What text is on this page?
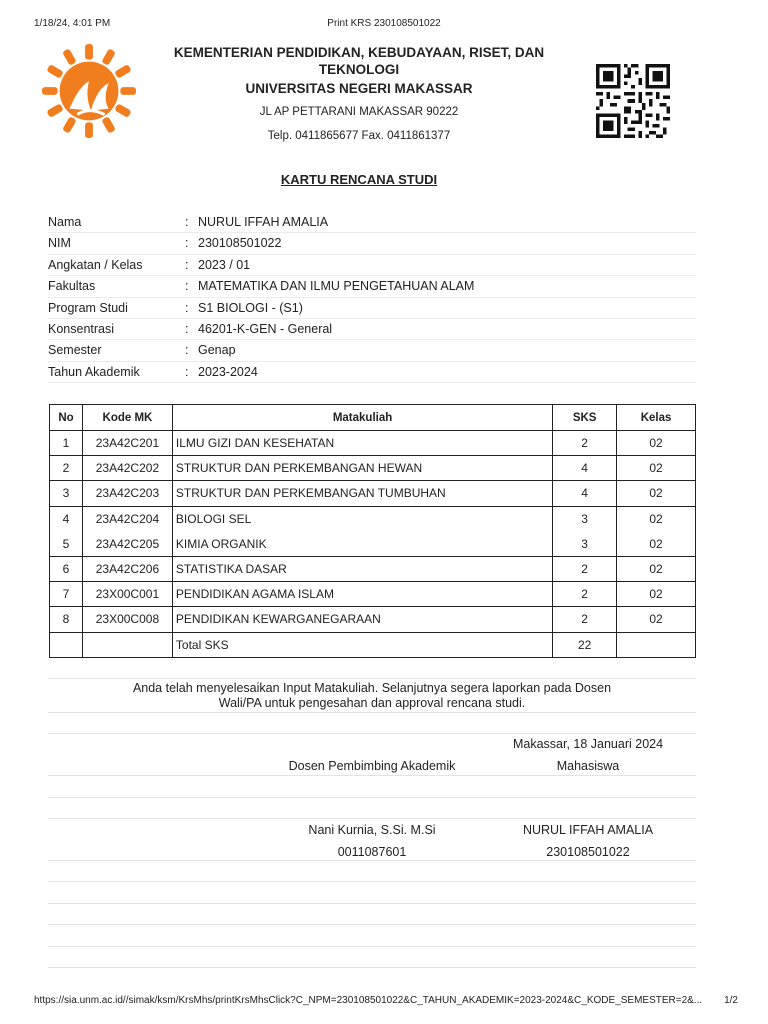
1/18/24, 4:01 PM	Print KRS 230108501022
KEMENTERIAN PENDIDIKAN, KEBUDAYAAN, RISET, DAN TEKNOLOGI
UNIVERSITAS NEGERI MAKASSAR
JL AP PETTARANI MAKASSAR 90222
Telp. 0411865677 Fax. 0411861377
KARTU RENCANA STUDI
Nama	: NURUL IFFAH AMALIA
NIM	: 230108501022
Angkatan / Kelas	: 2023 / 01
Fakultas	: MATEMATIKA DAN ILMU PENGETAHUAN ALAM
Program Studi	: S1 BIOLOGI - (S1)
Konsentrasi	: 46201-K-GEN - General
Semester	: Genap
Tahun Akademik	: 2023-2024
No	Kode MK	Matakuliah	SKS	Kelas
1	23A42C201	ILMU GIZI DAN KESEHATAN	2	02
2	23A42C202	STRUKTUR DAN PERKEMBANGAN HEWAN	4	02
3	23A42C203	STRUKTUR DAN PERKEMBANGAN TUMBUHAN	4	02
4	23A42C204	BIOLOGI SEL	3	02
5	23A42C205	KIMIA ORGANIK	3	02
6	23A42C206	STATISTIKA DASAR	2	02
7	23X00C001	PENDIDIKAN AGAMA ISLAM	2	02
8	23X00C008	PENDIDIKAN KEWARGANEGARAAN	2	02
		Total SKS	22	
Anda telah menyelesaikan Input Matakuliah. Selanjutnya segera laporkan pada Dosen
Wali/PA untuk pengesahan dan approval rencana studi.
Makassar, 18 Januari 2024
Dosen Pembimbing Akademik	Mahasiswa
Nani Kurnia, S.Si. M.Si	NURUL IFFAH AMALIA
0011087601	230108501022
https://sia.unm.ac.id//simak/ksm/KrsMhs/printKrsMhsClick?C_NPM=230108501022&C_TAHUN_AKADEMIK=2023-2024&C_KODE_SEMESTER=2&...	1/2
